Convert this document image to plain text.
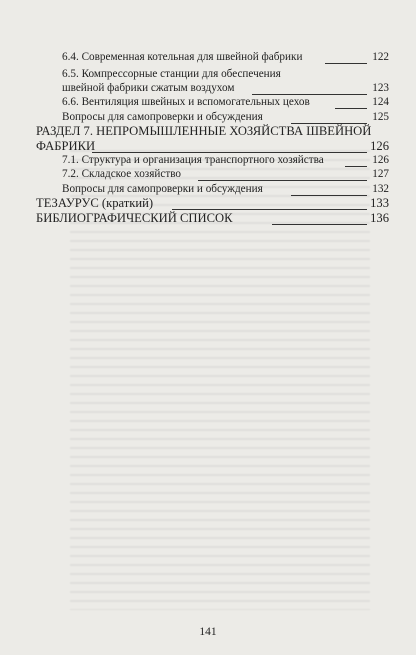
6.4. Современная котельная для швейной фабрики	122
6.5. Компрессорные станции для обеспечения
швейной фабрики сжатым воздухом	123
6.6. Вентиляция швейных и вспомогательных цехов	124
Вопросы для самопроверки и обсуждения	125
РАЗДЕЛ 7. НЕПРОМЫШЛЕННЫЕ ХОЗЯЙСТВА ШВЕЙНОЙ
ФАБРИКИ	126
7.1. Структура и организация транспортного хозяйства	126
7.2. Складское хозяйство	127
Вопросы для самопроверки и обсуждения	132
ТЕЗАУРУС (краткий)	133
БИБЛИОГРАФИЧЕСКИЙ СПИСОК	136
141
